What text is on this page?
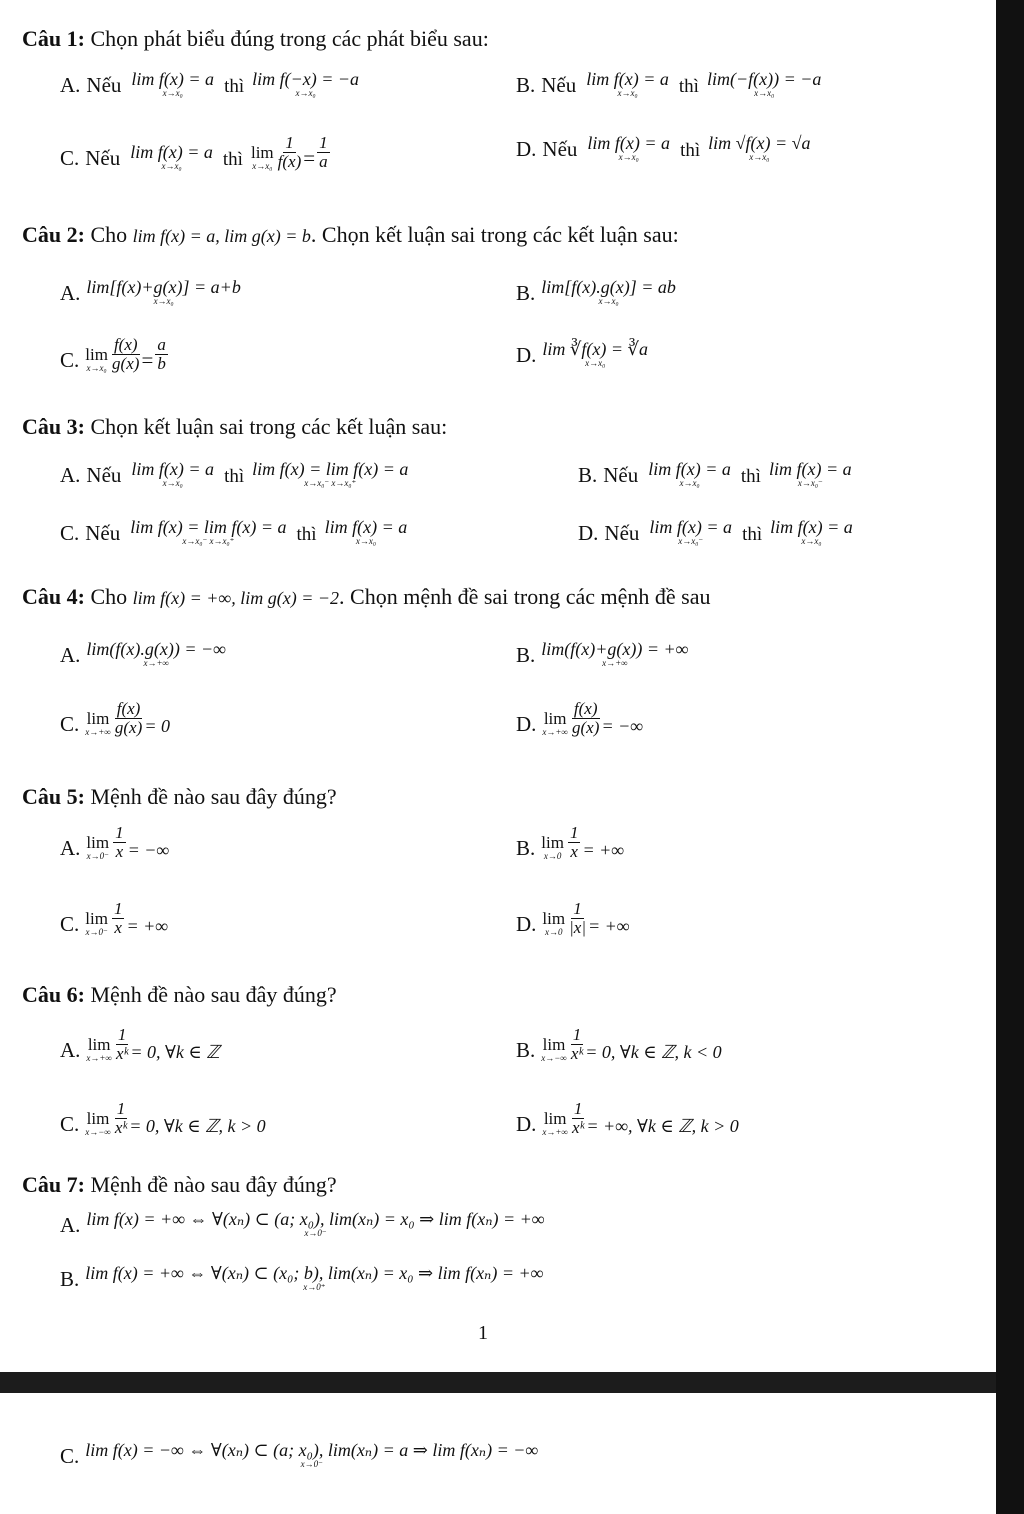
Câu 1: Chọn phát biểu đúng trong các phát biểu sau:
A. Nếu lim f(x) = a
x→x₀ thì lim f(−x) = −a
x→x₀	B. Nếu lim f(x) = a
x→x₀ thì lim(−f(x)) = −a
x→x₀
C. Nếu lim f(x) = a
x→x₀ thì lim
$x\to x_0 \frac{1}{f(x)} = \frac{1}{a}$	D. Nếu lim f(x) = a
x→x₀ thì lim √f(x) = √a
x→x₀
Câu 2: Cho lim f(x) = a, lim g(x) = b. Chọn kết luận sai trong các kết luận sau:
A. lim[f(x)+g(x)] = a+b
x→x₀	B. lim[f(x).g(x)] = ab
x→x₀
C. lim
$x\to x_0 \frac{f(x)}{g(x)} = \frac{a}{b}$	D. lim ∛f(x) = ∛a
x→x₀
Câu 3: Chọn kết luận sai trong các kết luận sau:
A. Nếu lim f(x) = a
x→x₀ thì lim f(x) = lim f(x) = a
x→x₀⁻ x→x₀⁺	B. Nếu lim f(x) = a
x→x₀ thì lim f(x) = a
x→x₀⁻
C. Nếu lim f(x) = lim f(x) = a
x→x₀⁻ x→x₀⁺	thì lim f(x) = a
x→x₀	D. Nếu lim f(x) = a
x→x₀⁻ thì lim f(x) = a
x→x₀
Câu 4: Cho lim f(x) = +∞, lim g(x) = −2. Chọn mệnh đề sai trong các mệnh đề sau
A. lim(f(x).g(x)) = −∞
x→+∞	B. lim(f(x)+g(x)) = +∞
x→+∞
C. lim
$x\to+\infty \frac{f(x)}{g(x)} = 0$	D. lim
$x\to+\infty \frac{f(x)}{g(x)}$ = −∞
Câu 5: Mệnh đề nào sau đây đúng?
A. lim
$x\to 0^- \frac{1}{x}$ = −∞	B. lim
$x\to 0 \frac{1}{x}$ = +∞
C. lim
$x\to 0^- \frac{1}{x}$ = +∞	D. lim
$x\to 0 \frac{1}{|x|}$ = +∞
Câu 6: Mệnh đề nào sau đây đúng?
A. lim
$x\to+\infty \frac{1}{\text{xᵏ}} = 0$, ∀k ∈ ℤ	B. lim
$x\to-\infty \frac{1}{\text{xᵏ}} = 0$, ∀k ∈ ℤ, k < 0
C. lim
$x\to-\infty \frac{1}{\text{xᵏ}} = 0$, ∀k ∈ ℤ, k > 0	D. lim
$x\to+\infty \frac{1}{\text{xᵏ}}$ = +∞, ∀k ∈ ℤ, k > 0
Câu 7: Mệnh đề nào sau đây đúng?
A. lim f(x) = +∞ ⇔ ∀(xₙ) ⊂ (a; x₀), lim(xₙ) = x₀ ⇒ lim f(xₙ) = +∞
x→0⁻
B. lim f(x) = +∞ ⇔ ∀(xₙ) ⊂ (x₀; b), lim(xₙ) = x₀ ⇒ lim f(xₙ) = +∞
x→0⁺
1
C. lim f(x) = −∞ ⇔ ∀(xₙ) ⊂ (a; x₀), lim(xₙ) = a ⇒ lim f(xₙ) = −∞
x→0⁻
